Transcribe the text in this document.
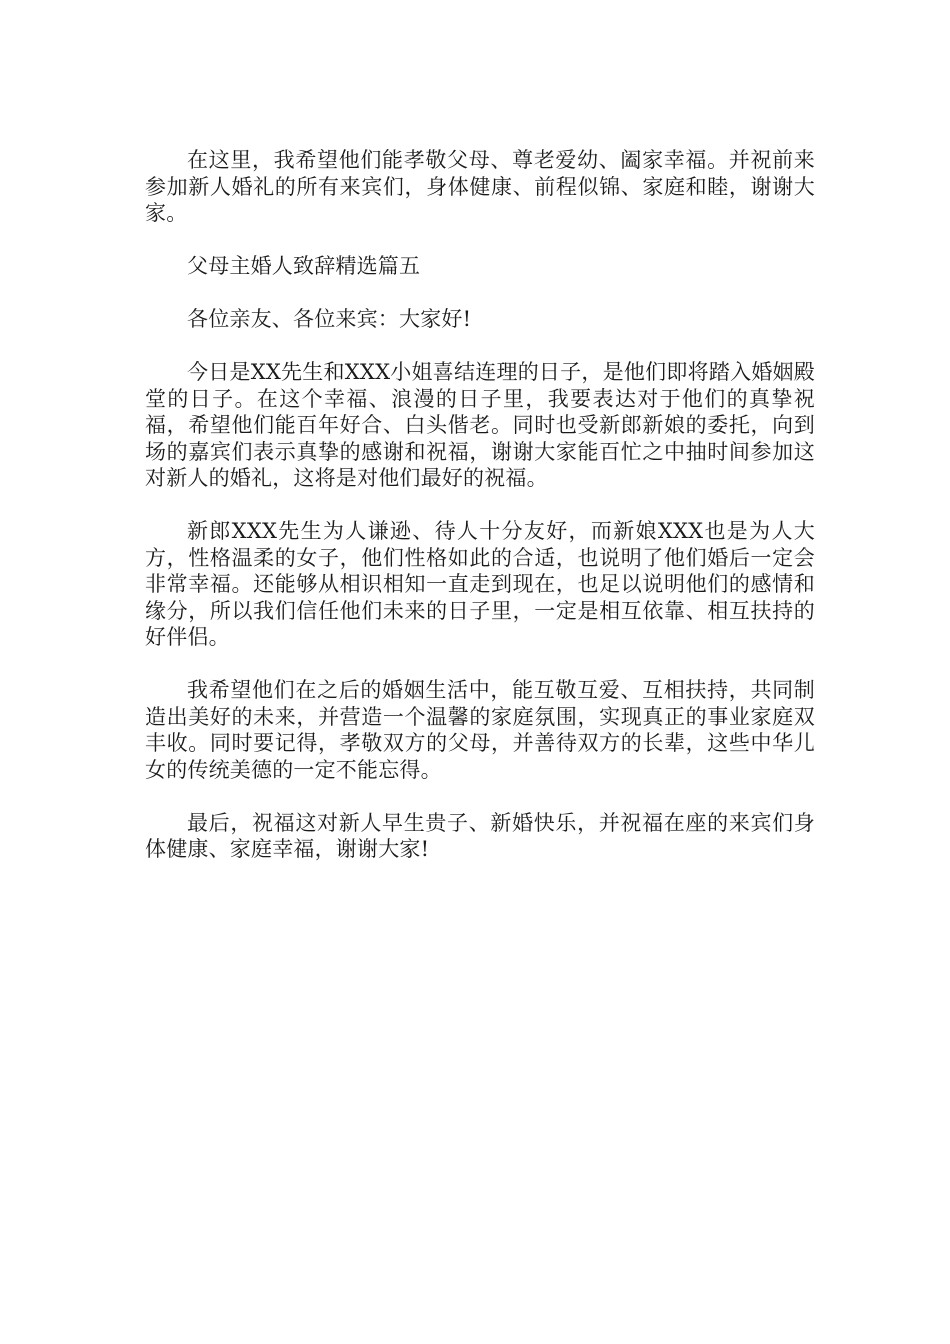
在这里，我希望他们能孝敬父母、尊老爱幼、阖家幸福。并祝前来参加新人婚礼的所有来宾们，身体健康、前程似锦、家庭和睦，谢谢大家。

父母主婚人致辞精选篇五

各位亲友、各位来宾：大家好!

今日是XX先生和XXX小姐喜结连理的日子，是他们即将踏入婚姻殿堂的日子。在这个幸福、浪漫的日子里，我要表达对于他们的真挚祝福，希望他们能百年好合、白头偕老。同时也受新郎新娘的委托，向到场的嘉宾们表示真挚的感谢和祝福，谢谢大家能百忙之中抽时间参加这对新人的婚礼，这将是对他们最好的祝福。

新郎XXX先生为人谦逊、待人十分友好，而新娘XXX也是为人大方，性格温柔的女子，他们性格如此的合适，也说明了他们婚后一定会非常幸福。还能够从相识相知一直走到现在，也足以说明他们的感情和缘分，所以我们信任他们未来的日子里，一定是相互依靠、相互扶持的好伴侣。

我希望他们在之后的婚姻生活中，能互敬互爱、互相扶持，共同制造出美好的未来，并营造一个温馨的家庭氛围，实现真正的事业家庭双丰收。同时要记得，孝敬双方的父母，并善待双方的长辈，这些中华儿女的传统美德的一定不能忘得。

最后，祝福这对新人早生贵子、新婚快乐，并祝福在座的来宾们身体健康、家庭幸福，谢谢大家!
